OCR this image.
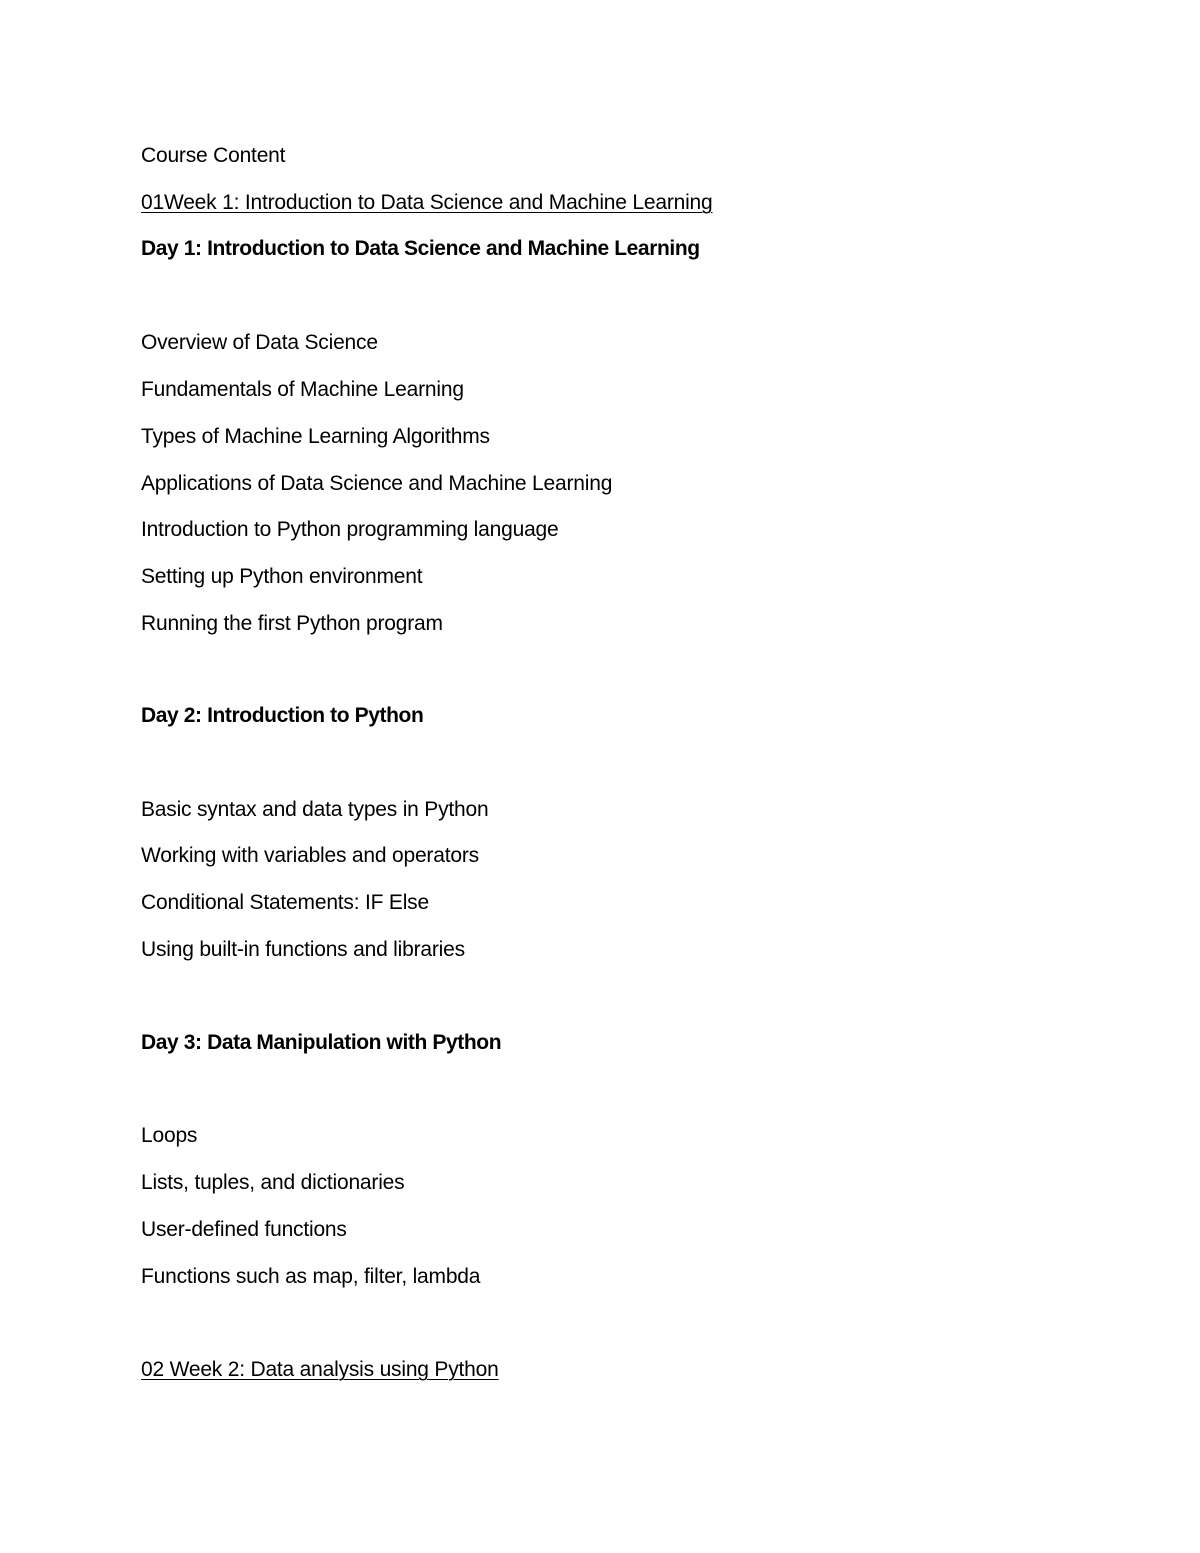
Course Content
01Week 1: Introduction to Data Science and Machine Learning
Day 1: Introduction to Data Science and Machine Learning
Overview of Data Science
Fundamentals of Machine Learning
Types of Machine Learning Algorithms
Applications of Data Science and Machine Learning
Introduction to Python programming language
Setting up Python environment
Running the first Python program
Day 2: Introduction to Python
Basic syntax and data types in Python
Working with variables and operators
Conditional Statements: IF Else
Using built-in functions and libraries
Day 3: Data Manipulation with Python
Loops
Lists, tuples, and dictionaries
User-defined functions
Functions such as map, filter, lambda
02 Week 2: Data analysis using Python
